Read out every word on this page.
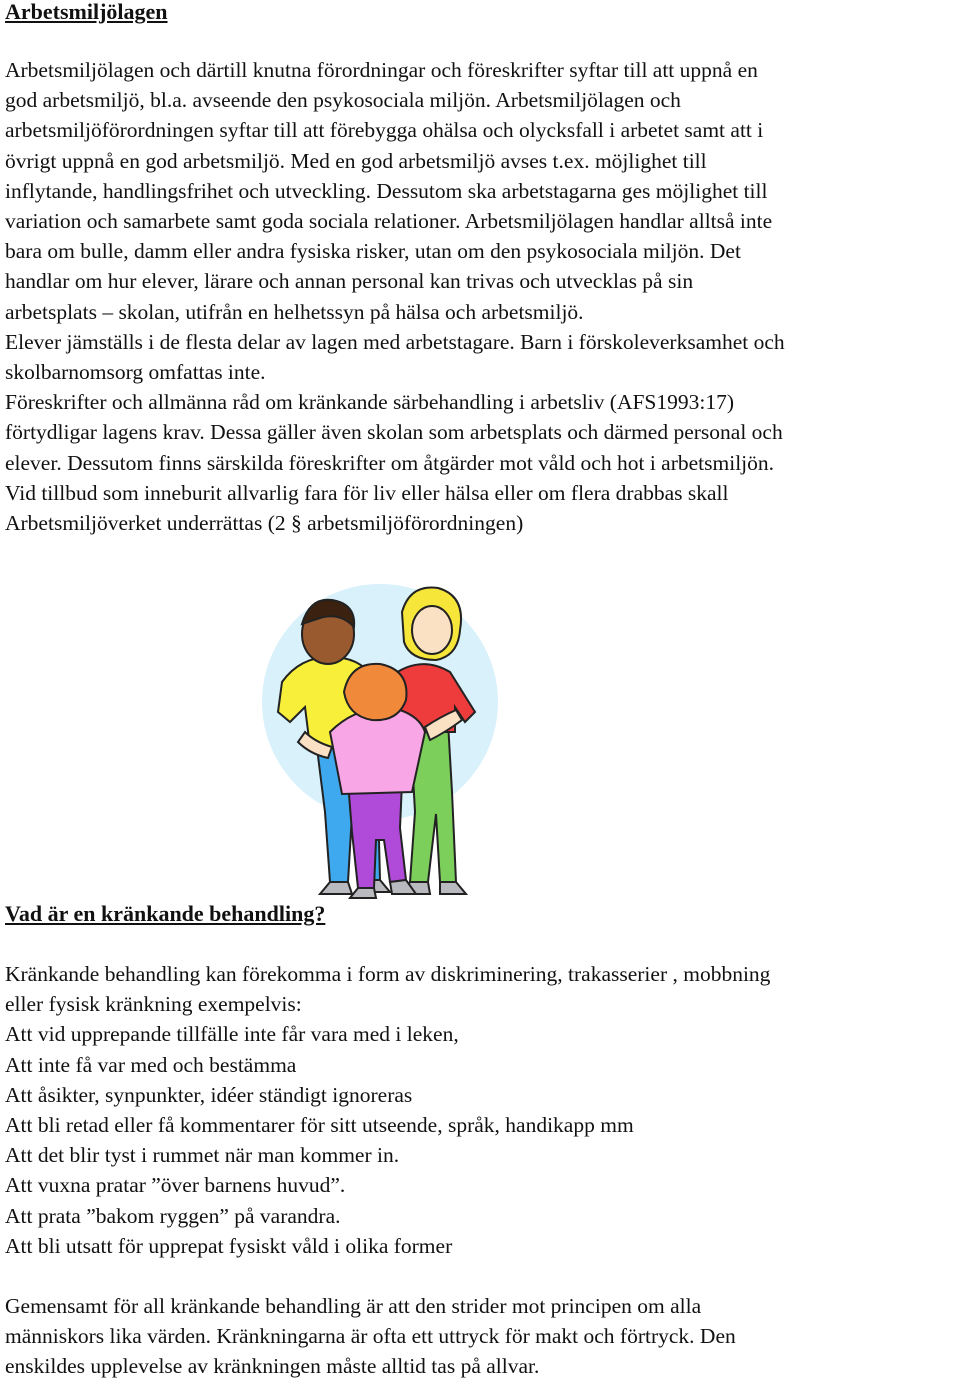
Arbetsmiljölagen

Arbetsmiljölagen och därtill knutna förordningar och föreskrifter syftar till att uppnå en

god arbetsmiljö, bl.a. avseende den psykosociala miljön. Arbetsmiljölagen och

arbetsmiljöförordningen syftar till att förebygga ohälsa och olycksfall i arbetet samt att i

övrigt uppnå en god arbetsmiljö. Med en god arbetsmiljö avses t.ex. möjlighet till

inflytande, handlingsfrihet och utveckling. Dessutom ska arbetstagarna ges möjlighet till

variation och samarbete samt goda sociala relationer. Arbetsmiljölagen handlar alltså inte

bara om bulle, damm eller andra fysiska risker, utan om den psykosociala miljön. Det

handlar om hur elever, lärare och annan personal kan trivas och utvecklas på sin

arbetsplats – skolan, utifrån en helhetssyn på hälsa och arbetsmiljö.

Elever jämställs i de flesta delar av lagen med arbetstagare. Barn i förskoleverksamhet och

skolbarnomsorg omfattas inte.

Föreskrifter och allmänna råd om kränkande särbehandling i arbetsliv (AFS1993:17)

förtydligar lagens krav. Dessa gäller även skolan som arbetsplats och därmed personal och

elever. Dessutom finns särskilda föreskrifter om åtgärder mot våld och hot i arbetsmiljön.

Vid tillbud som inneburit allvarlig fara för liv eller hälsa eller om flera drabbas skall

Arbetsmiljöverket underrättas (2 § arbetsmiljöförordningen)

Vad är en kränkande behandling?

Kränkande behandling kan förekomma i form av diskriminering, trakasserier , mobbning

eller fysisk kränkning exempelvis:

Att vid upprepande tillfälle inte får vara med i leken,

Att inte få var med och bestämma

Att åsikter, synpunkter, idéer ständigt ignoreras

Att bli retad eller få kommentarer för sitt utseende, språk, handikapp mm

Att det blir tyst i rummet när man kommer in.

Att vuxna pratar ”över barnens huvud”.

Att prata ”bakom ryggen” på varandra.

Att bli utsatt för upprepat fysiskt våld i olika former

Gemensamt för all kränkande behandling är att den strider mot principen om alla

människors lika värden. Kränkningarna är ofta ett uttryck för makt och förtryck. Den

enskildes upplevelse av kränkningen måste alltid tas på allvar.
